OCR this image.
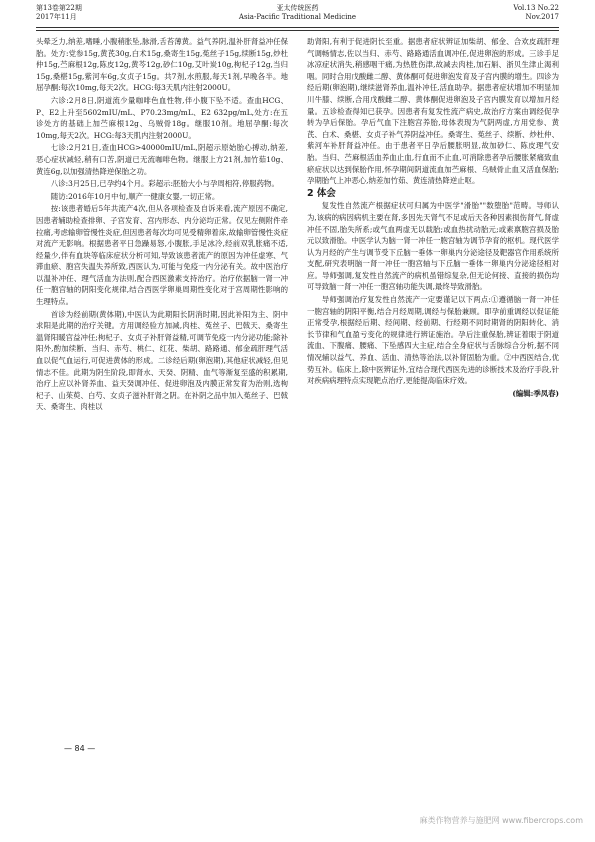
第13卷第22期
2017年11月
亚太传统医药
Asia-Pacific Traditional Medicine
Vol.13 No.22
Nov.2017

头晕乏力,纳差,嗜睡,小腹稍胀坠,脉滑,舌苔薄黄。益气养阴,温补肝肾益冲任保胎。处方:党参15g,黄芪30g,白术15g,桑寄生15g,菟丝子15g,续断15g,炒杜仲15g,苎麻根12g,陈皮12g,黄芩12g,砂仁10g,艾叶炭10g,枸杞子12g,当归15g,桑椹15g,紫河车6g,女贞子15g。共7剂,水煎服,每天1剂,早晚各半。地屈孕酮:每次10mg,每天2次。HCG:每3天肌内注射2000U。

六诊:2月8日,阴道流少量咖啡色血性物,伴小腹下坠不适。查血HCG、P、E2上升至5602mIU/mL、P70.23mg/mL、E2 632pg/mL,处方:在五诊处方的基础上加苎麻根12g、乌贼骨18g。继服10剂。地屈孕酮:每次10mg,每天2次。HCG:每3天肌内注射2000U。

七诊:2月21日,查血HCG>40000mIU/mL,阴超示原始胎心搏动,纳差,恶心症状减轻,稍有口苦,阴道已无流咖啡色物。继服上方21剂,加竹茹10g、黄连6g,以加强清热降逆保胎之功。

八诊:3月25日,已孕约4个月。彩超示:胚胎大小与孕周相符,停服药物。

随访:2016年10月中旬,顺产一健康女婴,一切正常。

按:该患者婚后5年共流产4次,但从各项检查及自诉来看,流产原因不确定,因患者辅助检查排卵、子宫发育、宫内形态、内分泌均正常。仅见左侧附件牵拉痛,考虑输卵管慢性炎症,但因患者每次均可见受精卵着床,故输卵管慢性炎症对流产无影响。根据患者平日急躁易怒,小腹胀,手足冰冷,经前双乳胀痛不适,经量少,伴有血块等临床症状分析可知,导致该患者流产的原因为冲任虚寒、气滞血瘀、胞宫失温失养所致,西医认为,可能与免疫一内分泌有关。故中医治疗以温补冲任、理气活血为法则,配合西医激素支持治疗。治疗依据脑一肾一冲任一胞宫轴的阴阳变化规律,结合西医学卵巢周期性变化对于宫周期性影响的生理特点。

首诊为经前期(黄体期),中医认为此期阳长阴消时期,因此补阳为主、阴中求阳是此期的治疗关键。方用调经验方加减,肉桂、菟丝子、巴戟天、桑寄生温肾阳暖宫益冲任;枸杞子、女贞子补肝肾益精,可调节免疫一内分泌功能;除补阳外,酌加续断、当归、赤芍、桃仁、红花、柴胡、路路通、郁金疏肝理气活血以促气血运行,可促进黄体的形成。二诊经后期(卵泡期),其他症状减轻,但见情志不佳。此期为阴生阶段,即肾水、天癸、阴精、血气等渐复至盛的积累期,治疗上应以补肾养血、益天癸调冲任、促进卵泡及内膜正常发育为治则,选枸杞子、山茱萸、白芍、女贞子滋补肝肾之阴。在补阴之品中加入菟丝子、巴戟天、桑寄生、肉桂以

助肾阳,有利于促进阴长至重。据患者症状辨证加柴胡、郁金、合欢皮疏肝理气调畅情志,佐以当归、赤芍、路路通活血调冲任,促进卵泡的形成。三诊手足冰凉症状消失,稍感咽干痛,为热胜伤津,故减去肉桂,加石斛、浙贝生津止渴利咽。同时合用戊酸雌二醇、黄体酮可促进卵泡发育及子宫内膜的增生。四诊为经后期(卵泡期),继续滋肾养血,温补冲任,活血助孕。据患者症状增加不明显加川牛膝、续断,合用戊酸雌二醇、黄体酮促进卵泡及子宫内膜发育以增加月经量。五诊检查得知已获孕。因患者有复发性流产病史,故治疗方案由调经促孕转为孕后保胎。孕后气血下注胞宫养胎,母体表现为气阴两虚,方用党参、黄芪、白术、桑椹、女贞子补气养阴益冲任。桑寄生、菟丝子、续断、炒杜仲、紫河车补肝肾益冲任。由于患者平日孕后腰胀明显,故加砂仁、陈皮理气安胎。当归、苎麻根活血养血止血,行血而不止血,可消除患者孕后腰胀紧痛致血瘀症状以达到保胎作用,怀孕期间阴道流血加苎麻根、乌贼骨止血又活血保胎;孕期胎气上冲恶心,纳差加竹茹、黄连清热降逆止呕。

2 体会

复发性自然流产根据症状可归属为中医学"滑胎""数堕胎"范畴。导师认为,该病的病因病机主要在肾,多因先天肾气不足或后天各种因素损伤肾气,肾虚冲任不固,胎失所系;或气血两虚无以载胎;或血热扰动胎元;或素禀胞宫损及胎元以致滑胎。中医学认为脑一肾一冲任一胞宫轴为调节孕育的枢机。现代医学认为月经的产生与调节受下丘脑一垂体一卵巢内分泌途径及靶器官作用系统所支配,研究表明脑一肾一冲任一胞宫轴与下丘脑一垂体一卵巢内分泌途径相对应。导师强调,复发性自然流产的病机虽错综复杂,但无论何接、直接的损伤均可导致脑一肾一冲任一胞宫轴功能失调,最终导致滑胎。

导师强调治疗复发性自然流产一定要谨记以下两点:①遵循脑一肾一冲任一胞宫轴的阴阳平衡,结合月经周期,调经与保胎兼顾。即孕前重调经以促证能正常受孕,根据经后期、经间期、经前期、行经期不同时期肾的阴阳转化、消长节律和气血盈亏变化的规律进行辨证施治。孕后注重保胎,辨证着眼于阴道流血、下腹痛、腰痛、下坠感四大主症,结合全身症状与舌脉综合分析,据不同情况辅以益气、养血、活血、清热等治法,以补肾固胎为重。②中西医结合,优势互补。临床上,除中医辨证外,宜结合现代西医先进的诊断技术及治疗手段,针对疾病病理特点实现靶点治疗,更能提高临床疗效。

(编辑:季凤春)

— 84 —
麻类作物营养与施肥网 www.fibercrops.com
